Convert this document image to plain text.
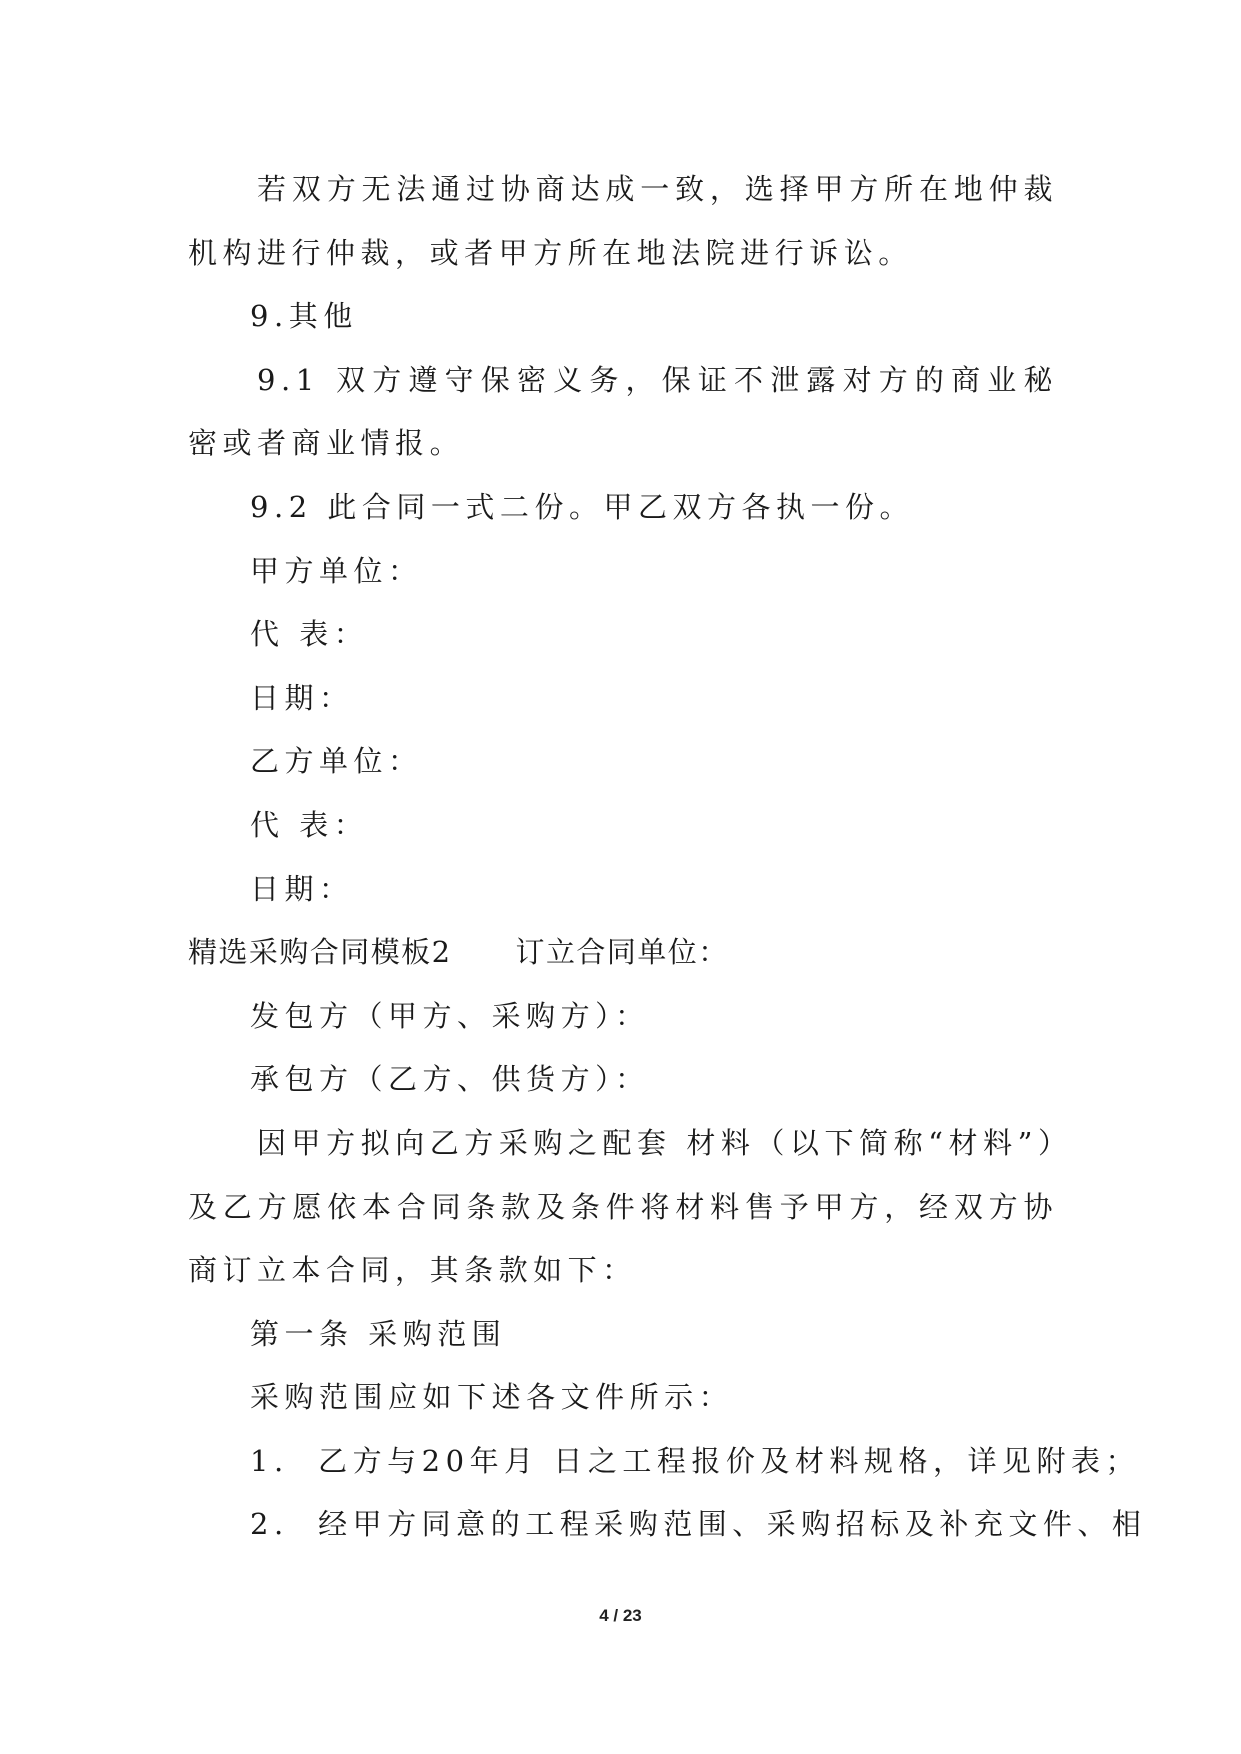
若双方无法通过协商达成一致，选择甲方所在地仲裁机构进行仲裁，或者甲方所在地法院进行诉讼。
9.其他
9.1 双方遵守保密义务，保证不泄露对方的商业秘密或者商业情报。
9.2 此合同一式二份。甲乙双方各执一份。
甲方单位：
代 表：
日期：
乙方单位：
代 表：
日期：
精选采购合同模板2 订立合同单位：
发包方（甲方、采购方）：
承包方（乙方、供货方）：
因甲方拟向乙方采购之配套 材料（以下简称“材料”）及乙方愿依本合同条款及条件将材料售予甲方，经双方协商订立本合同，其条款如下：
第一条 采购范围
采购范围应如下述各文件所示：
1.  乙方与20年月 日之工程报价及材料规格，详见附表；
2.  经甲方同意的工程采购范围、采购招标及补充文件、相
4 / 23
